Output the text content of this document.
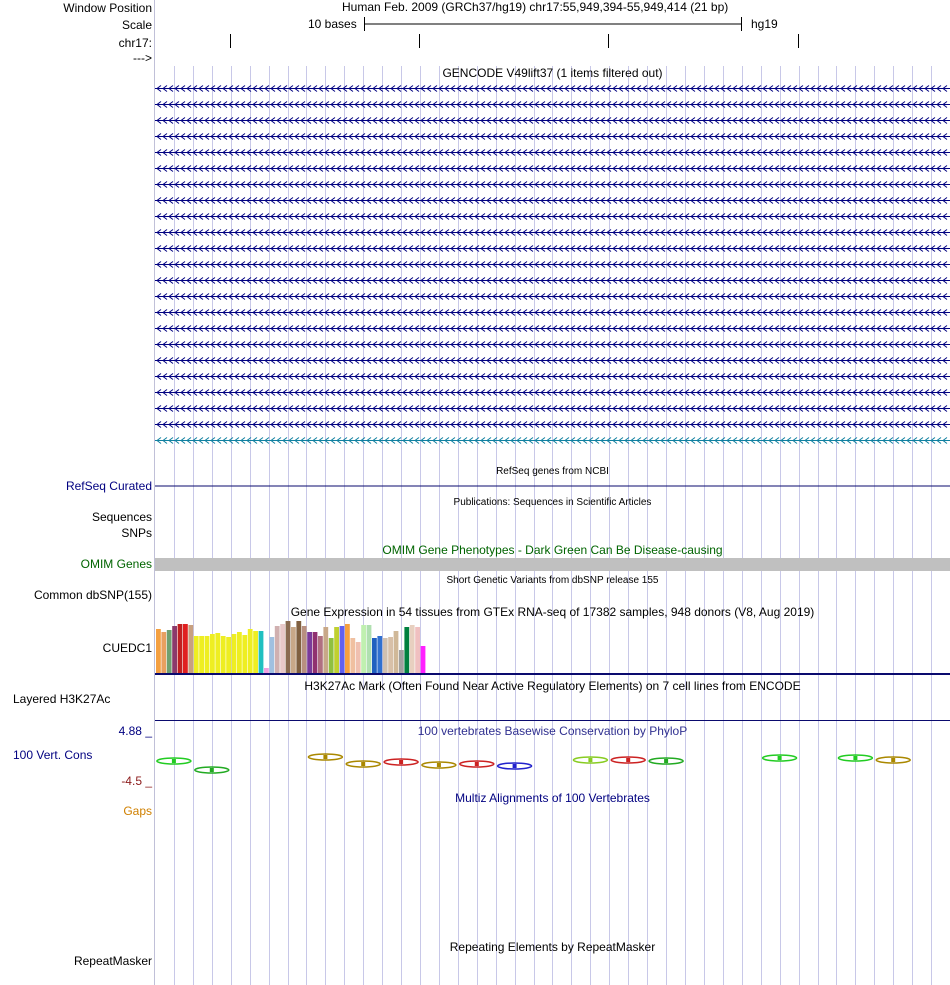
Window Position
Scale
chr17:
--->
RefSeq Curated
Sequences
SNPs
OMIM Genes
Common dbSNP(155)
CUEDC1
Layered H3K27Ac
4.88 _
100 Vert. Cons
-4.5 _
Gaps
RepeatMasker
Human Feb. 2009 (GRCh37/hg19) chr17:55,949,394-55,949,414 (21 bp)
10 bases	hg19
GENCODE V49lift37 (1 items filtered out)
RefSeq genes from NCBI
Publications: Sequences in Scientific Articles
OMIM Gene Phenotypes - Dark Green Can Be Disease-causing
Short Genetic Variants from dbSNP release 155
Gene Expression in 54 tissues from GTEx RNA-seq of 17382 samples, 948 donors (V8, Aug 2019)
H3K27Ac Mark (Often Found Near Active Regulatory Elements) on 7 cell lines from ENCODE
100 vertebrates Basewise Conservation by PhyloP
Multiz Alignments of 100 Vertebrates
Repeating Elements by RepeatMasker
